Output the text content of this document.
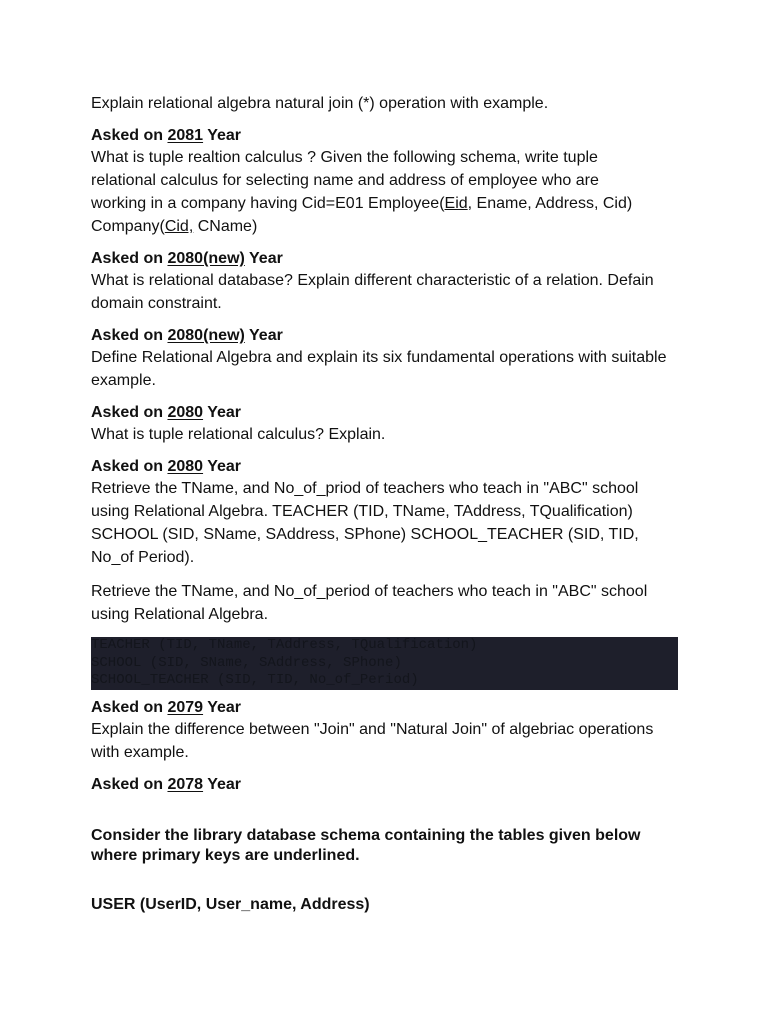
Explain relational algebra natural join (*) operation with example.

Asked on 2081 Year

What is tuple realtion calculus ? Given the following schema, write tuple
relational calculus for selecting name and address of employee who are
working in a company having Cid=E01 Employee(Eid, Ename, Address, Cid)
Company(Cid, CName)

Asked on 2080(new) Year

What is relational database? Explain different characteristic of a relation. Defain domain constraint.

Asked on 2080(new) Year

Define Relational Algebra and explain its six fundamental operations with suitable example.

Asked on 2080 Year

What is tuple relational calculus? Explain.

Asked on 2080 Year

Retrieve the TName, and No_of_priod of teachers who teach in "ABC" school using Relational Algebra. TEACHER (TID, TName, TAddress, TQualification) SCHOOL (SID, SName, SAddress, SPhone) SCHOOL_TEACHER (SID, TID, No_of Period).

Retrieve the TName, and No_of_period of teachers who teach in "ABC" school using Relational Algebra.

TEACHER (TID, TName, TAddress, TQualification)
SCHOOL (SID, SName, SAddress, SPhone)
SCHOOL_TEACHER (SID, TID, No_of_Period)

Asked on 2079 Year

Explain the difference between "Join" and "Natural Join" of algebriac operations with example.

Asked on 2078 Year

Consider the library database schema containing the tables given below where primary keys are underlined.

USER (UserID, User_name, Address)
